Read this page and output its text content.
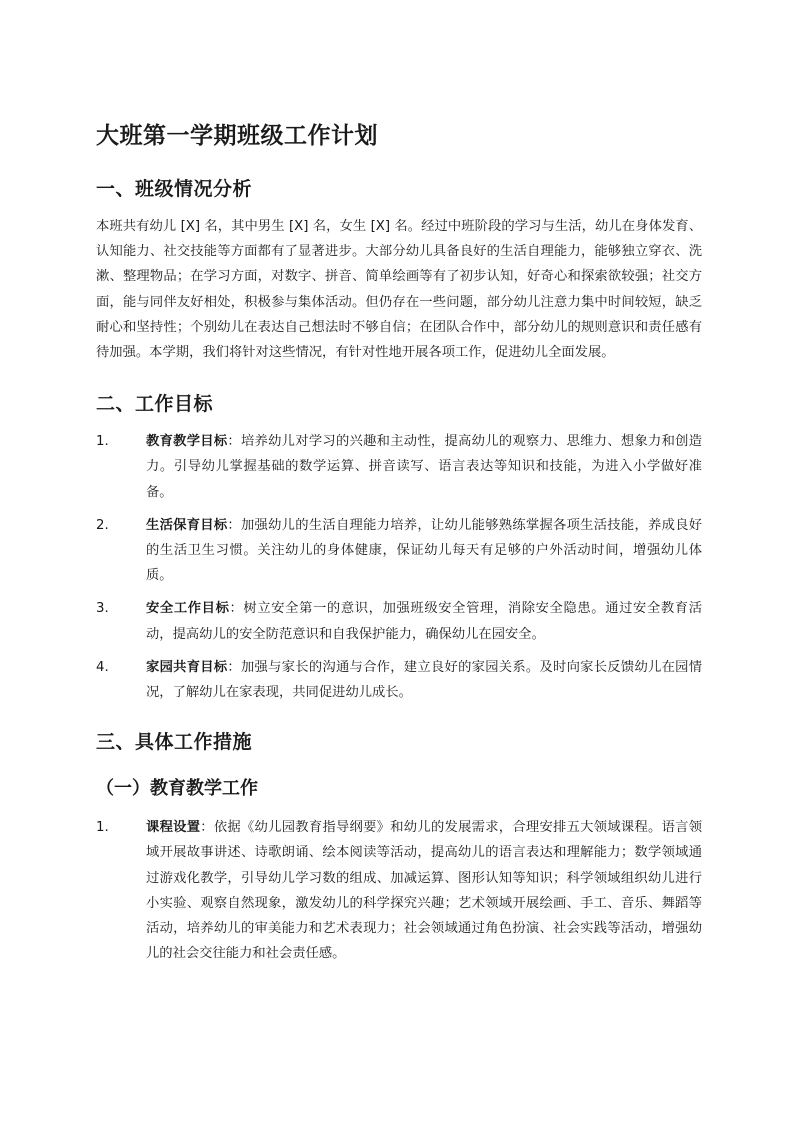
大班第一学期班级工作计划
一、班级情况分析

本班共有幼儿 [X] 名，其中男生 [X] 名，女生 [X] 名。经过中班阶段的学习与生活，幼儿在身体发育、认知能力、社交技能等方面都有了显著进步。大部分幼儿具备良好的生活自理能力，能够独立穿衣、洗漱、整理物品；在学习方面，对数字、拼音、简单绘画等有了初步认知，好奇心和探索欲较强；社交方面，能与同伴友好相处，积极参与集体活动。但仍存在一些问题，部分幼儿注意力集中时间较短，缺乏耐心和坚持性；个别幼儿在表达自己想法时不够自信；在团队合作中，部分幼儿的规则意识和责任感有待加强。本学期，我们将针对这些情况，有针对性地开展各项工作，促进幼儿全面发展。

二、工作目标
1.	教育教学目标：培养幼儿对学习的兴趣和主动性，提高幼儿的观察力、思维力、想象力和创造力。引导幼儿掌握基础的数学运算、拼音读写、语言表达等知识和技能，为进入小学做好准备。
2.	生活保育目标：加强幼儿的生活自理能力培养，让幼儿能够熟练掌握各项生活技能，养成良好的生活卫生习惯。关注幼儿的身体健康，保证幼儿每天有足够的户外活动时间，增强幼儿体质。
3.	安全工作目标：树立安全第一的意识，加强班级安全管理，消除安全隐患。通过安全教育活动，提高幼儿的安全防范意识和自我保护能力，确保幼儿在园安全。
4.	家园共育目标：加强与家长的沟通与合作，建立良好的家园关系。及时向家长反馈幼儿在园情况，了解幼儿在家表现，共同促进幼儿成长。
三、具体工作措施
（一）教育教学工作
1.	课程设置：依据《幼儿园教育指导纲要》和幼儿的发展需求，合理安排五大领域课程。语言领域开展故事讲述、诗歌朗诵、绘本阅读等活动，提高幼儿的语言表达和理解能力；数学领域通过游戏化教学，引导幼儿学习数的组成、加减运算、图形认知等知识；科学领域组织幼儿进行小实验、观察自然现象，激发幼儿的科学探究兴趣；艺术领域开展绘画、手工、音乐、舞蹈等活动，培养幼儿的审美能力和艺术表现力；社会领域通过角色扮演、社会实践等活动，增强幼儿的社会交往能力和社会责任感。
